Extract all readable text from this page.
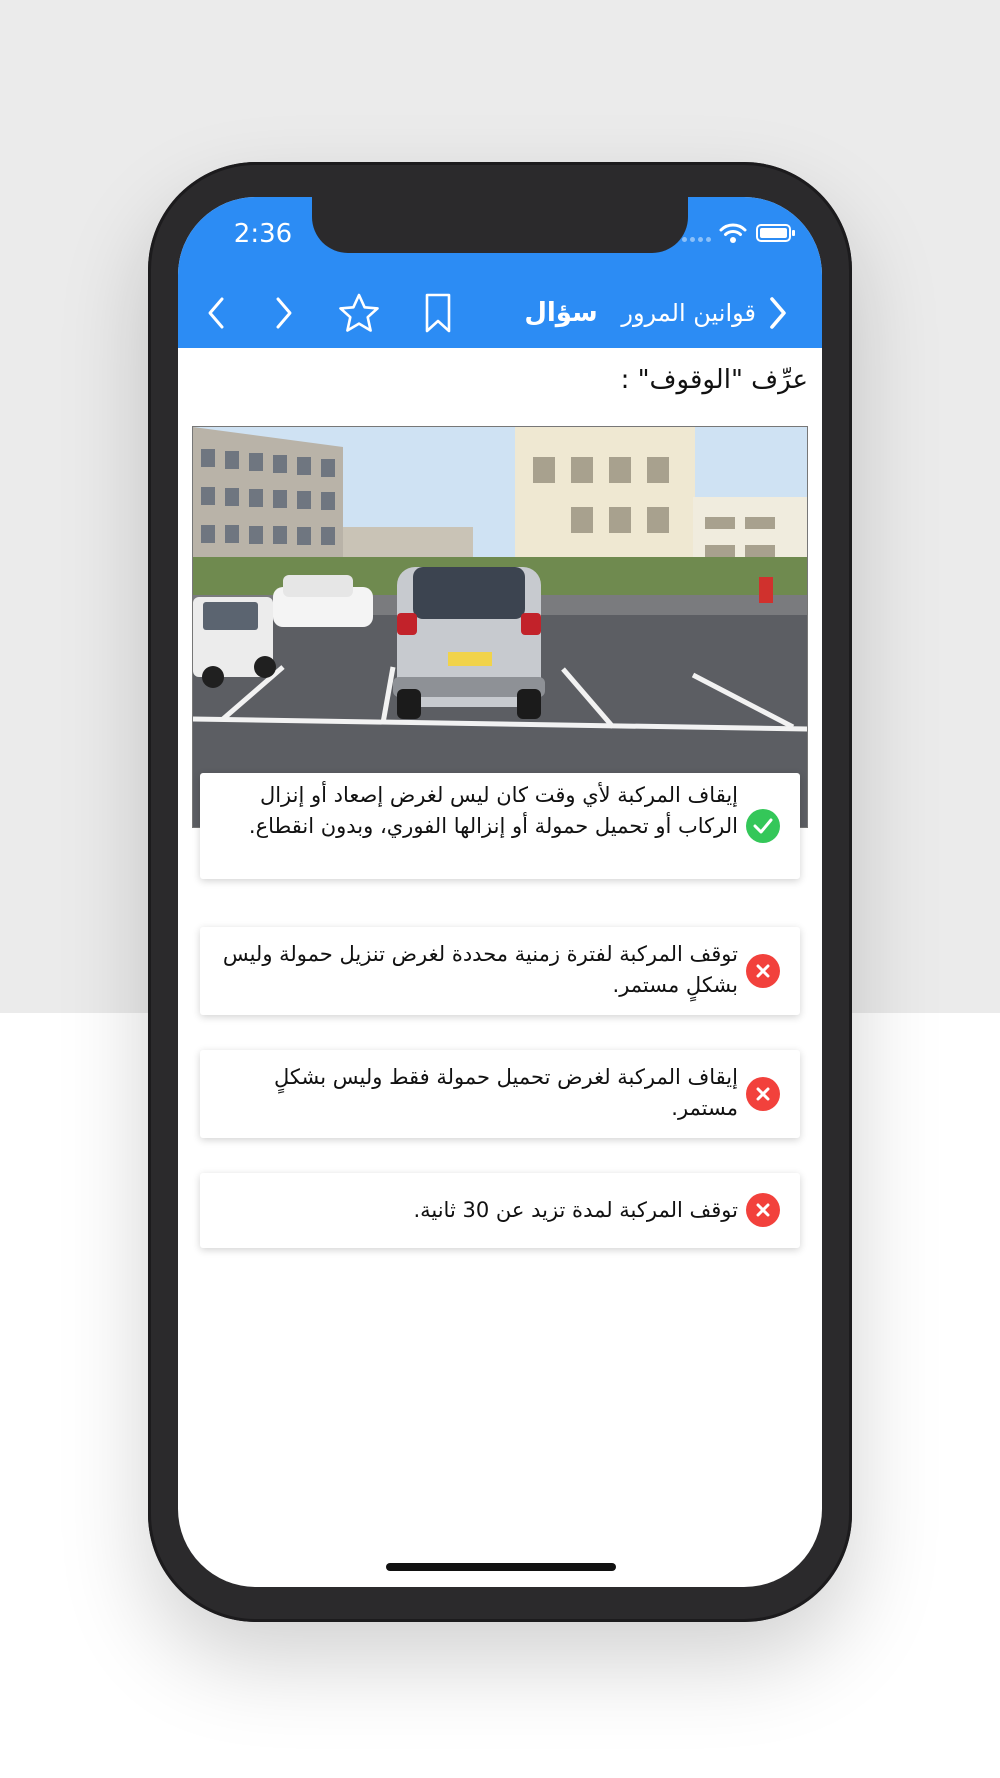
2:36
سؤال قوانين المرور
عرِّف "الوقوف" :
إيقاف المركبة لأي وقت كان ليس لغرض إصعاد أو إنزال الركاب أو تحميل حمولة أو إنزالها الفوري، وبدون انقطاع.
توقف المركبة لفترة زمنية محددة لغرض تنزيل حمولة وليس بشكلٍ مستمر.
إيقاف المركبة لغرض تحميل حمولة فقط وليس بشكلٍ مستمر.
توقف المركبة لمدة تزيد عن 30 ثانية.
